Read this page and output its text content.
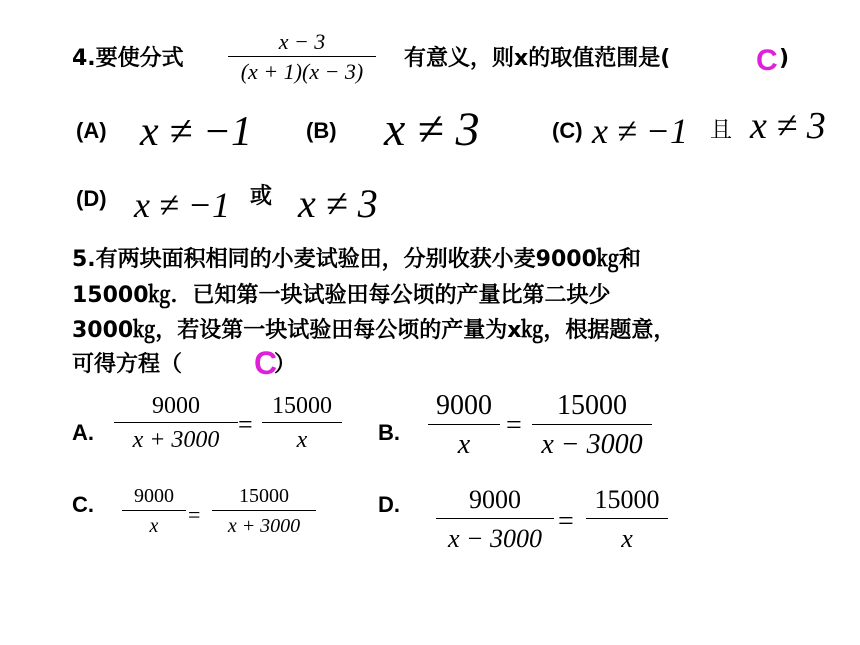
4.要使分式
x − 3
(x + 1)(x − 3)
有意义，则x的取值范围是(	C )
(A) x ≠ −1 (B) x ≠ 3	(C) x ≠ −1 且 x ≠ 3
(D) x ≠ −1 或 x ≠ 3
5.有两块面积相同的小麦试验田，分别收获小麦9000㎏和
15000㎏．已知第一块试验田每公顷的产量比第二块少
3000㎏，若设第一块试验田每公顷的产量为x㎏，根据题意，
可得方程（ C
）
A.
9000
x + 3000
=
15000
x	B.
9000
x
=
15000
x − 3000
C. 9000
x =
15000
x + 3000
D.	9000
x − 3000
=
15000
x
